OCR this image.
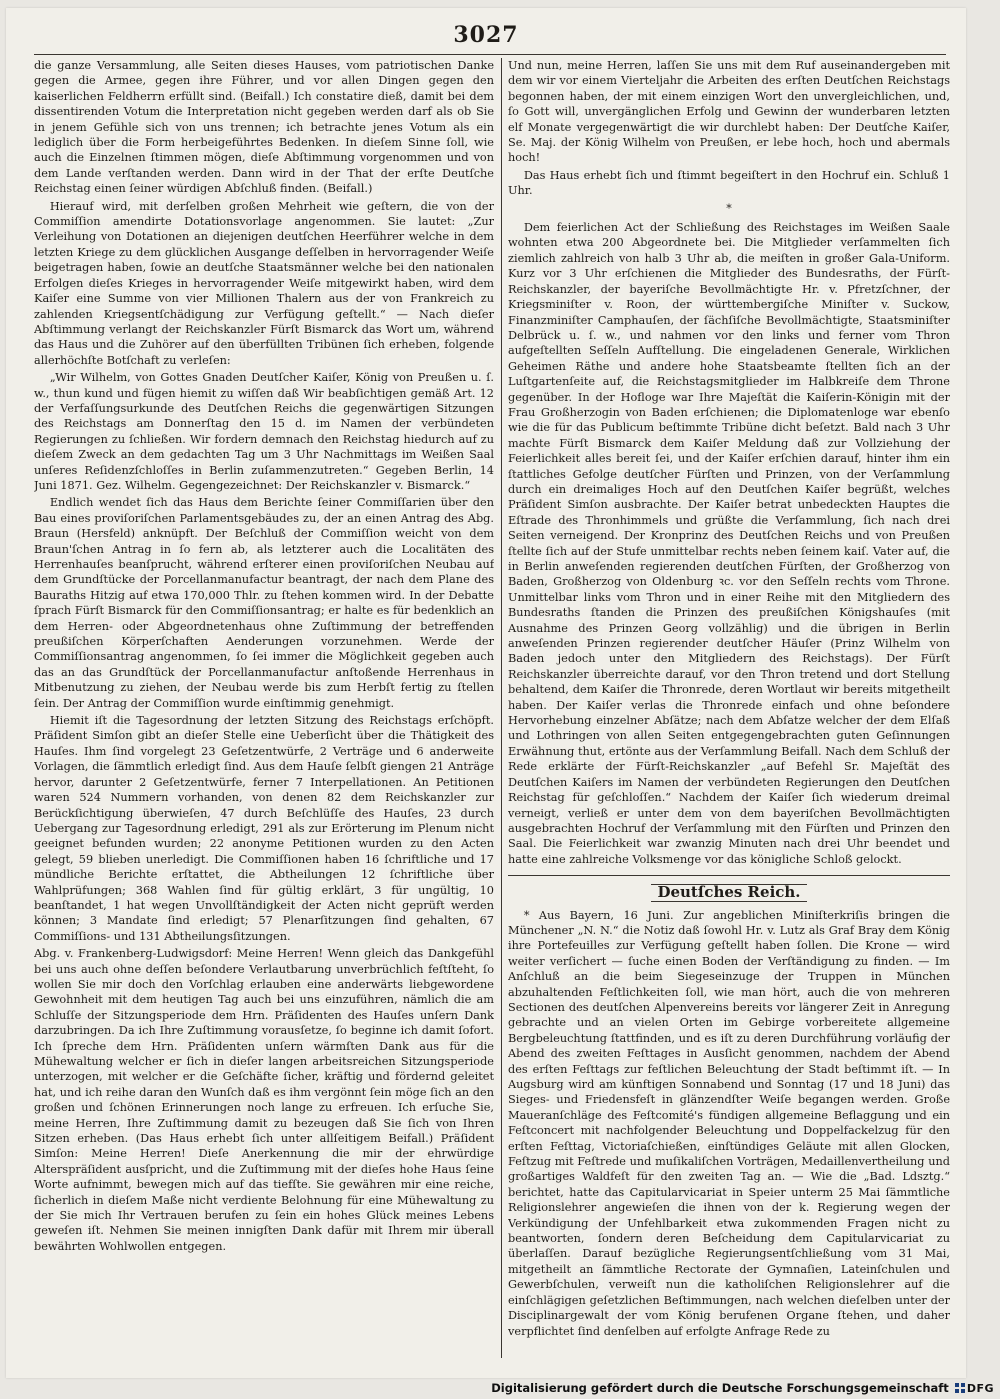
3027

die ganze Versammlung, alle Seiten dieses Hauses, vom patriotischen Danke gegen die Armee, gegen ihre Führer, und vor allen Dingen gegen den kaiserlichen Feldherrn erfüllt sind. (Beifall.) Ich constatire dieß, damit bei dem dissentirenden Votum die Interpretation nicht gegeben werden darf als ob Sie in jenem Gefühle sich von uns trennen; ich betrachte jenes Votum als ein lediglich über die Form herbeigeführtes Bedenken. In dieſem Sinne ſoll, wie auch die Einzelnen ſtimmen mögen, dieſe Abſtimmung vorgenommen und von dem Lande verſtanden werden. Dann wird in der That der erſte Deutſche Reichstag einen ſeiner würdigen Abſchluß finden. (Beifall.)

Hierauf wird, mit derſelben großen Mehrheit wie geſtern, die von der Commiſſion amendirte Dotationsvorlage angenommen. Sie lautet: „Zur Verleihung von Dotationen an diejenigen deutſchen Heerführer welche in dem letzten Kriege zu dem glücklichen Ausgange deſſelben in hervorragender Weiſe beigetragen haben, ſowie an deutſche Staatsmänner welche bei den nationalen Erfolgen dieſes Krieges in hervorragender Weiſe mitgewirkt haben, wird dem Kaiſer eine Summe von vier Millionen Thalern aus der von Frankreich zu zahlenden Kriegsentſchädigung zur Verfügung geſtellt.“ — Nach dieſer Abſtimmung verlangt der Reichskanzler Fürſt Bismarck das Wort um, während das Haus und die Zuhörer auf den überfüllten Tribünen ſich erheben, folgende allerhöchſte Botſchaft zu verleſen:

„Wir Wilhelm, von Gottes Gnaden Deutſcher Kaiſer, König von Preußen u. ſ. w., thun kund und fügen hiemit zu wiſſen daß Wir beabſichtigen gemäß Art. 12 der Verfaſſungsurkunde des Deutſchen Reichs die gegenwärtigen Sitzungen des Reichstags am Donnerſtag den 15 d. im Namen der verbündeten Regierungen zu ſchließen. Wir fordern demnach den Reichstag hiedurch auf zu dieſem Zweck an dem gedachten Tag um 3 Uhr Nachmittags im Weißen Saal unſeres Reſidenzſchloſſes in Berlin zuſammenzutreten.“ Gegeben Berlin, 14 Juni 1871. Gez. Wilhelm. Gegengezeichnet: Der Reichskanzler v. Bismarck.“

Endlich wendet ſich das Haus dem Berichte ſeiner Commiſſarien über den Bau eines proviſoriſchen Parlamentsgebäudes zu, der an einen Antrag des Abg. Braun (Hersfeld) anknüpft. Der Beſchluß der Commiſſion weicht von dem Braun'ſchen Antrag in ſo fern ab, als letzterer auch die Localitäten des Herrenhauſes beanſprucht, während erſterer einen proviſoriſchen Neubau auf dem Grundſtücke der Porcellanmanufactur beantragt, der nach dem Plane des Bauraths Hitzig auf etwa 170,000 Thlr. zu ſtehen kommen wird. In der Debatte ſprach Fürſt Bismarck für den Commiſſionsantrag; er halte es für bedenklich an dem Herren- oder Abgeordnetenhaus ohne Zuſtimmung der betreffenden preußiſchen Körperſchaften Aenderungen vorzunehmen. Werde der Commiſſionsantrag angenommen, ſo ſei immer die Möglichkeit gegeben auch das an das Grundſtück der Porcellanmanufactur anſtoßende Herrenhaus in Mitbenutzung zu ziehen, der Neubau werde bis zum Herbſt fertig zu ſtellen ſein. Der Antrag der Commiſſion wurde einſtimmig genehmigt.

Hiemit iſt die Tagesordnung der letzten Sitzung des Reichstags erſchöpft. Präſident Simſon gibt an dieſer Stelle eine Ueberſicht über die Thätigkeit des Hauſes. Ihm ſind vorgelegt 23 Geſetzentwürfe, 2 Verträge und 6 anderweite Vorlagen, die ſämmtlich erledigt ſind. Aus dem Hauſe ſelbſt giengen 21 Anträge hervor, darunter 2 Geſetzentwürfe, ferner 7 Interpellationen. An Petitionen waren 524 Nummern vorhanden, von denen 82 dem Reichskanzler zur Berückſichtigung überwieſen, 47 durch Beſchlüſſe des Hauſes, 23 durch Uebergang zur Tagesordnung erledigt, 291 als zur Erörterung im Plenum nicht geeignet befunden wurden; 22 anonyme Petitionen wurden zu den Acten gelegt, 59 blieben unerledigt. Die Commiſſionen haben 16 ſchriftliche und 17 mündliche Berichte erſtattet, die Abtheilungen 12 ſchriftliche über Wahlprüfungen; 368 Wahlen ſind für gültig erklärt, 3 für ungültig, 10 beanſtandet, 1 hat wegen Unvollſtändigkeit der Acten nicht geprüft werden können; 3 Mandate ſind erledigt; 57 Plenarſitzungen ſind gehalten, 67 Commiſſions- und 131 Abtheilungsſitzungen.

Abg. v. Frankenberg-Ludwigsdorf: Meine Herren! Wenn gleich das Dankgefühl bei uns auch ohne deſſen beſondere Verlautbarung unverbrüchlich feſtſteht, ſo wollen Sie mir doch den Vorſchlag erlauben eine anderwärts liebgewordene Gewohnheit mit dem heutigen Tag auch bei uns einzuführen, nämlich die am Schluſſe der Sitzungsperiode dem Hrn. Präſidenten des Hauſes unſern Dank darzubringen. Da ich Ihre Zuſtimmung vorausſetze, ſo beginne ich damit ſofort. Ich ſpreche dem Hrn. Präſidenten unſern wärmſten Dank aus für die Mühewaltung welcher er ſich in dieſer langen arbeitsreichen Sitzungsperiode unterzogen, mit welcher er die Geſchäfte ſicher, kräftig und fördernd geleitet hat, und ich reihe daran den Wunſch daß es ihm vergönnt ſein möge ſich an den großen und ſchönen Erinnerungen noch lange zu erfreuen. Ich erſuche Sie, meine Herren, Ihre Zuſtimmung damit zu bezeugen daß Sie ſich von Ihren Sitzen erheben. (Das Haus erhebt ſich unter allſeitigem Beifall.) Präſident Simſon: Meine Herren! Dieſe Anerkennung die mir der ehrwürdige Alterspräſident ausſpricht, und die Zuſtimmung mit der dieſes hohe Haus ſeine Worte aufnimmt, bewegen mich auf das tiefſte. Sie gewähren mir eine reiche, ſicherlich in dieſem Maße nicht verdiente Belohnung für eine Mühewaltung zu der Sie mich Ihr Vertrauen berufen zu ſein ein hohes Glück meines Lebens geweſen iſt. Nehmen Sie meinen innigſten Dank dafür mit Ihrem mir überall bewährten Wohlwollen entgegen.

Und nun, meine Herren, laſſen Sie uns mit dem Ruf auseinandergeben mit dem wir vor einem Vierteljahr die Arbeiten des erſten Deutſchen Reichstags begonnen haben, der mit einem einzigen Wort den unvergleichlichen, und, ſo Gott will, unvergänglichen Erfolg und Gewinn der wunderbaren letzten elf Monate vergegenwärtigt die wir durchlebt haben: Der Deutſche Kaiſer, Se. Maj. der König Wilhelm von Preußen, er lebe hoch, hoch und abermals hoch!

Das Haus erhebt ſich und ſtimmt begeiſtert in den Hochruf ein. Schluß 1 Uhr.

*

Dem feierlichen Act der Schließung des Reichstages im Weißen Saale wohnten etwa 200 Abgeordnete bei. Die Mitglieder verſammelten ſich ziemlich zahlreich von halb 3 Uhr ab, die meiſten in großer Gala-Uniform. Kurz vor 3 Uhr erſchienen die Mitglieder des Bundesraths, der Fürſt-Reichskanzler, der bayeriſche Bevollmächtigte Hr. v. Pfretzſchner, der Kriegsminiſter v. Roon, der württembergiſche Miniſter v. Suckow, Finanzminiſter Camphauſen, der ſächſiſche Bevollmächtigte, Staatsminiſter Delbrück u. ſ. w., und nahmen vor den links und ferner vom Thron aufgeſtellten Seſſeln Aufſtellung. Die eingeladenen Generale, Wirklichen Geheimen Räthe und andere hohe Staatsbeamte ſtellten ſich an der Luſtgartenſeite auf, die Reichstagsmitglieder im Halbkreiſe dem Throne gegenüber. In der Hofloge war Ihre Majeſtät die Kaiſerin-Königin mit der Frau Großherzogin von Baden erſchienen; die Diplomatenloge war ebenſo wie die für das Publicum beſtimmte Tribüne dicht beſetzt. Bald nach 3 Uhr machte Fürſt Bismarck dem Kaiſer Meldung daß zur Vollziehung der Feierlichkeit alles bereit ſei, und der Kaiſer erſchien darauf, hinter ihm ein ſtattliches Gefolge deutſcher Fürſten und Prinzen, von der Verſammlung durch ein dreimaliges Hoch auf den Deutſchen Kaiſer begrüßt, welches Präſident Simſon ausbrachte. Der Kaiſer betrat unbedeckten Hauptes die Eſtrade des Thronhimmels und grüßte die Verſammlung, ſich nach drei Seiten verneigend. Der Kronprinz des Deutſchen Reichs und von Preußen ſtellte ſich auf der Stufe unmittelbar rechts neben ſeinem kaiſ. Vater auf, die in Berlin anweſenden regierenden deutſchen Fürſten, der Großherzog von Baden, Großherzog von Oldenburg ꝛc. vor den Seſſeln rechts vom Throne. Unmittelbar links vom Thron und in einer Reihe mit den Mitgliedern des Bundesraths ſtanden die Prinzen des preußiſchen Königshauſes (mit Ausnahme des Prinzen Georg vollzählig) und die übrigen in Berlin anweſenden Prinzen regierender deutſcher Häuſer (Prinz Wilhelm von Baden jedoch unter den Mitgliedern des Reichstags). Der Fürſt Reichskanzler überreichte darauf, vor den Thron tretend und dort Stellung behaltend, dem Kaiſer die Thronrede, deren Wortlaut wir bereits mitgetheilt haben. Der Kaiſer verlas die Thronrede einfach und ohne beſondere Hervorhebung einzelner Abſätze; nach dem Abſatze welcher der dem Elſaß und Lothringen von allen Seiten entgegengebrachten guten Geſinnungen Erwähnung thut, ertönte aus der Verſammlung Beifall. Nach dem Schluß der Rede erklärte der Fürſt-Reichskanzler „auf Befehl Sr. Majeſtät des Deutſchen Kaiſers im Namen der verbündeten Regierungen den Deutſchen Reichstag für geſchloſſen.“ Nachdem der Kaiſer ſich wiederum dreimal verneigt, verließ er unter dem von dem bayeriſchen Bevollmächtigten ausgebrachten Hochruf der Verſammlung mit den Fürſten und Prinzen den Saal. Die Feierlichkeit war zwanzig Minuten nach drei Uhr beendet und hatte eine zahlreiche Volksmenge vor das königliche Schloß gelockt.

Deutſches Reich.

* Aus Bayern, 16 Juni. Zur angeblichen Miniſterkriſis bringen die Münchener „N. N.“ die Notiz daß ſowohl Hr. v. Lutz als Graf Bray dem König ihre Portefeuilles zur Verfügung geſtellt haben ſollen. Die Krone — wird weiter verſichert — ſuche einen Boden der Verſtändigung zu finden. — Im Anſchluß an die beim Siegeseinzuge der Truppen in München abzuhaltenden Feſtlichkeiten ſoll, wie man hört, auch die von mehreren Sectionen des deutſchen Alpenvereins bereits vor längerer Zeit in Anregung gebrachte und an vielen Orten im Gebirge vorbereitete allgemeine Bergbeleuchtung ſtattfinden, und es iſt zu deren Durchführung vorläufig der Abend des zweiten Feſttages in Ausſicht genommen, nachdem der Abend des erſten Feſttags zur feſtlichen Beleuchtung der Stadt beſtimmt iſt. — In Augsburg wird am künftigen Sonnabend und Sonntag (17 und 18 Juni) das Sieges- und Friedensfeſt in glänzendſter Weiſe begangen werden. Große Maueranſchläge des Feſtcomité's fündigen allgemeine Beflaggung und ein Feſtconcert mit nachfolgender Beleuchtung und Doppelfackelzug für den erſten Feſttag, Victoriaſchießen, einſtündiges Geläute mit allen Glocken, Feſtzug mit Feſtrede und muſikaliſchen Vorträgen, Medaillenvertheilung und großartiges Waldfeſt für den zweiten Tag an. — Wie die „Bad. Ldsztg.“ berichtet, hatte das Capitularvicariat in Speier unterm 25 Mai ſämmtliche Religionslehrer angewieſen die ihnen von der k. Regierung wegen der Verkündigung der Unfehlbarkeit etwa zukommenden Fragen nicht zu beantworten, ſondern deren Beſcheidung dem Capitularvicariat zu überlaſſen. Darauf bezügliche Regierungsentſchließung vom 31 Mai, mitgetheilt an ſämmtliche Rectorate der Gymnaſien, Lateinſchulen und Gewerbſchulen, verweiſt nun die katholiſchen Religionslehrer auf die einſchlägigen geſetzlichen Beſtimmungen, nach welchen dieſelben unter der Disciplinargewalt der vom König berufenen Organe ſtehen, und daher verpflichtet ſind denſelben auf erfolgte Anfrage Rede zu

Digitalisierung gefördert durch die Deutsche Forschungsgemeinschaft DFG
